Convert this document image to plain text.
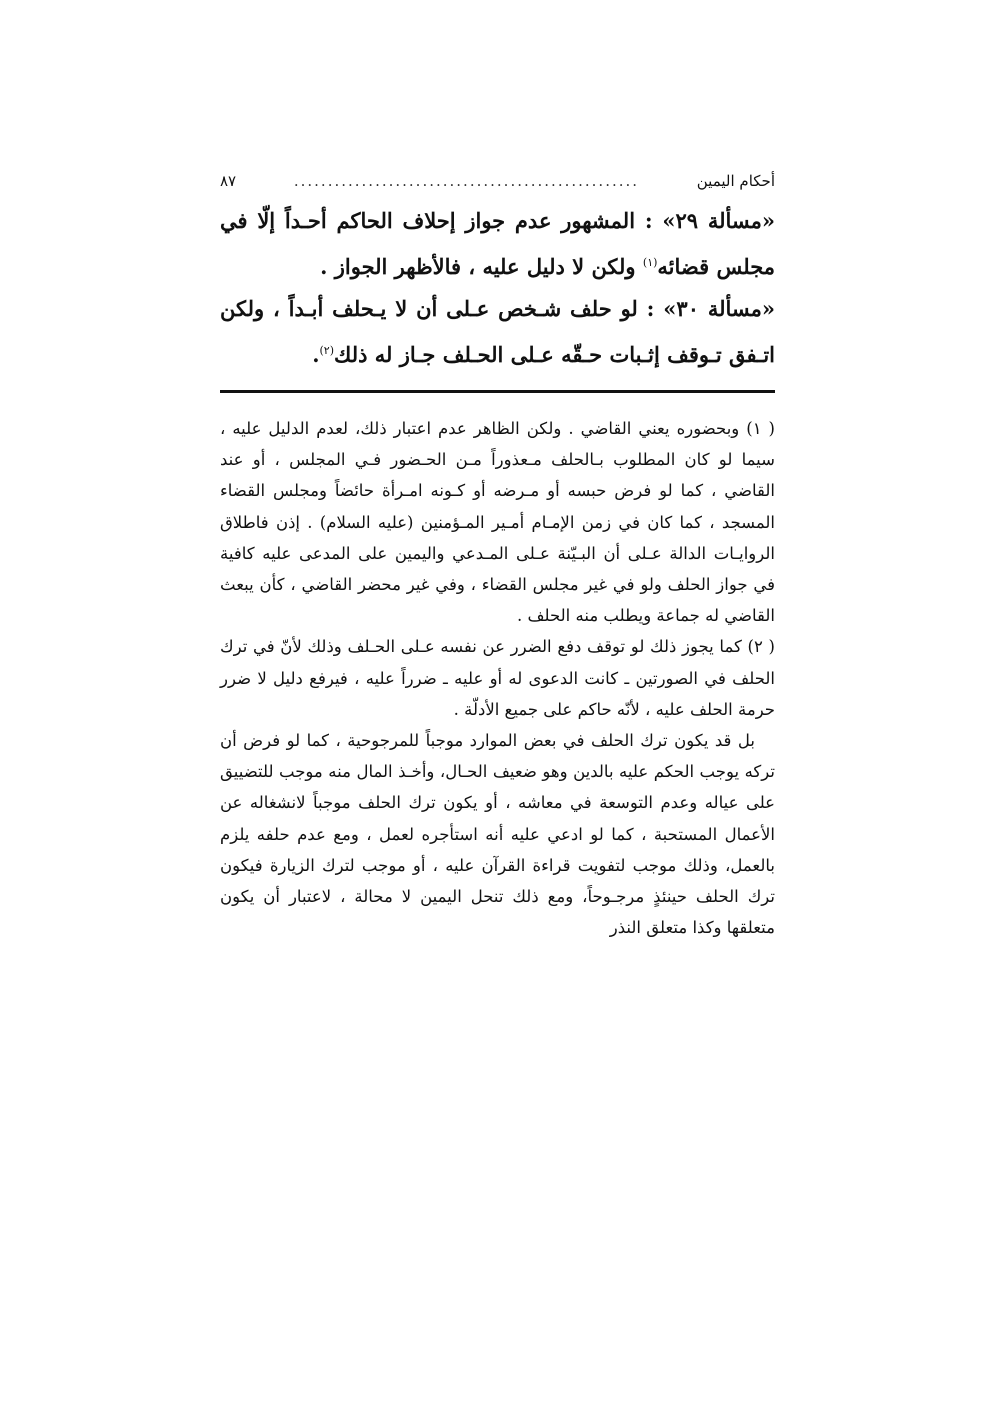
أحكام اليمين
...................................................
٨٧

«مسألة ٢٩» : المشهور عدم جواز إحلاف الحاكم أحـداً إلّا في مجلس قضائه$^{(١)}$ ولكن لا دليل عليه ، فالأظهر الجواز .

«مسألة ٣٠» : لو حلف شـخص عـلى أن لا يـحلف أبـداً ، ولكن اتـفق تـوقف إثـبات حـقّه عـلى الحـلف جـاز له ذلك$^{(٢)}$.

( ١) وبحضوره يعني القاضي . ولكن الظاهر عدم اعتبار ذلك، لعدم الدليل عليه ، سيما لو كان المطلوب بـالحلف مـعذوراً مـن الحـضور فـي المجلس ، أو عند القاضي ، كما لو فرض حبسه أو مـرضه أو كـونه امـرأة حائضاً ومجلس القضاء المسجد ، كما كان في زمن الإمـام أمـير المـؤمنين (عليه السلام) . إذن فاطلاق الروايـات الدالة عـلى أن البـيّنة عـلى المـدعي واليمين على المدعى عليه كافية في جواز الحلف ولو في غير مجلس القضاء ، وفي غير محضر القاضي ، كأن يبعث القاضي له جماعة ويطلب منه الحلف .

( ٢) كما يجوز ذلك لو توقف دفع الضرر عن نفسه عـلى الحـلف وذلك لأنّ في ترك الحلف في الصورتين ـ كانت الدعوى له أو عليه ـ ضرراً عليه ، فيرفع دليل لا ضرر حرمة الحلف عليه ، لأنّه حاكم على جميع الأدلّة .

بل قد يكون ترك الحلف في بعض الموارد موجباً للمرجوحية ، كما لو فرض أن تركه يوجب الحكم عليه بالدين وهو ضعيف الحـال، وأخـذ المال منه موجب للتضييق على عياله وعدم التوسعة في معاشه ، أو يكون ترك الحلف موجباً لانشغاله عن الأعمال المستحبة ، كما لو ادعي عليه أنه استأجره لعمل ، ومع عدم حلفه يلزم بالعمل، وذلك موجب لتفويت قراءة القرآن عليه ، أو موجب لترك الزيارة فيكون ترك الحلف حينئذٍ مرجـوحاً، ومع ذلك تنحل اليمين لا محالة ، لاعتبار أن يكون متعلقها وكذا متعلق النذر
